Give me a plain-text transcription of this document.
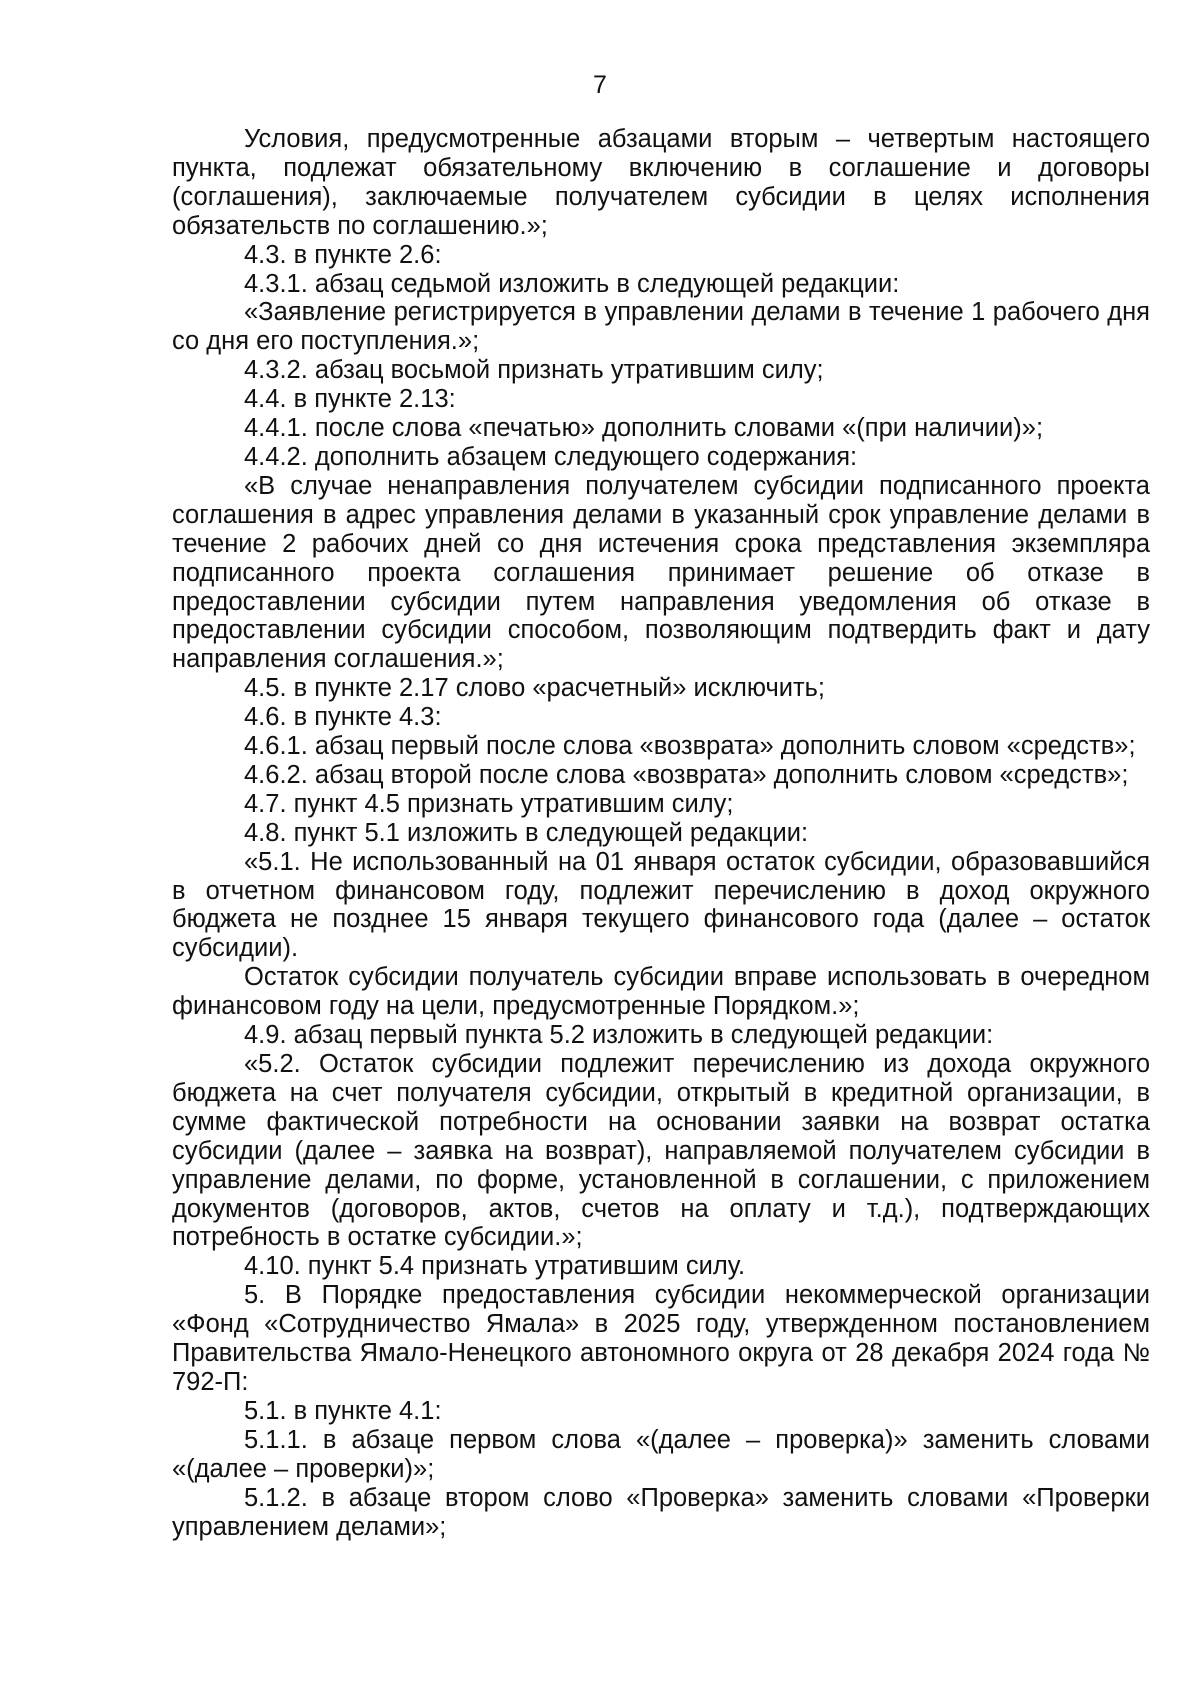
7

Условия, предусмотренные абзацами вторым – четвертым настоящего пункта, подлежат обязательному включению в соглашение и договоры (соглашения), заключаемые получателем субсидии в целях исполнения обязательств по соглашению.»;

4.3. в пункте 2.6:

4.3.1. абзац седьмой изложить в следующей редакции:

«Заявление регистрируется в управлении делами в течение 1 рабочего дня со дня его поступления.»;

4.3.2. абзац восьмой признать утратившим силу;

4.4. в пункте 2.13:

4.4.1. после слова «печатью» дополнить словами «(при наличии)»;

4.4.2. дополнить абзацем следующего содержания:

«В случае ненаправления получателем субсидии подписанного проекта соглашения в адрес управления делами в указанный срок управление делами в течение 2 рабочих дней со дня истечения срока представления экземпляра подписанного проекта соглашения принимает решение об отказе в предоставлении субсидии путем направления уведомления об отказе в предоставлении субсидии способом, позволяющим подтвердить факт и дату направления соглашения.»;

4.5. в пункте 2.17 слово «расчетный» исключить;

4.6. в пункте 4.3:

4.6.1. абзац первый после слова «возврата» дополнить словом «средств»;

4.6.2. абзац второй после слова «возврата» дополнить словом «средств»;

4.7. пункт 4.5 признать утратившим силу;

4.8. пункт 5.1 изложить в следующей редакции:

«5.1. Не использованный на 01 января остаток субсидии, образовавшийся в отчетном финансовом году, подлежит перечислению в доход окружного бюджета не позднее 15 января текущего финансового года (далее – остаток субсидии).

Остаток субсидии получатель субсидии вправе использовать в очередном финансовом году на цели, предусмотренные Порядком.»;

4.9. абзац первый пункта 5.2 изложить в следующей редакции:

«5.2. Остаток субсидии подлежит перечислению из дохода окружного бюджета на счет получателя субсидии, открытый в кредитной организации, в сумме фактической потребности на основании заявки на возврат остатка субсидии (далее – заявка на возврат), направляемой получателем субсидии в управление делами, по форме, установленной в соглашении, с приложением документов (договоров, актов, счетов на оплату и т.д.), подтверждающих потребность в остатке субсидии.»;

4.10. пункт 5.4 признать утратившим силу.

5. В Порядке предоставления субсидии некоммерческой организации «Фонд «Сотрудничество Ямала» в 2025 году, утвержденном постановлением Правительства Ямало-Ненецкого автономного округа от 28 декабря 2024 года № 792-П:

5.1. в пункте 4.1:

5.1.1. в абзаце первом слова «(далее – проверка)» заменить словами «(далее – проверки)»;

5.1.2. в абзаце втором слово «Проверка» заменить словами «Проверки управлением делами»;
